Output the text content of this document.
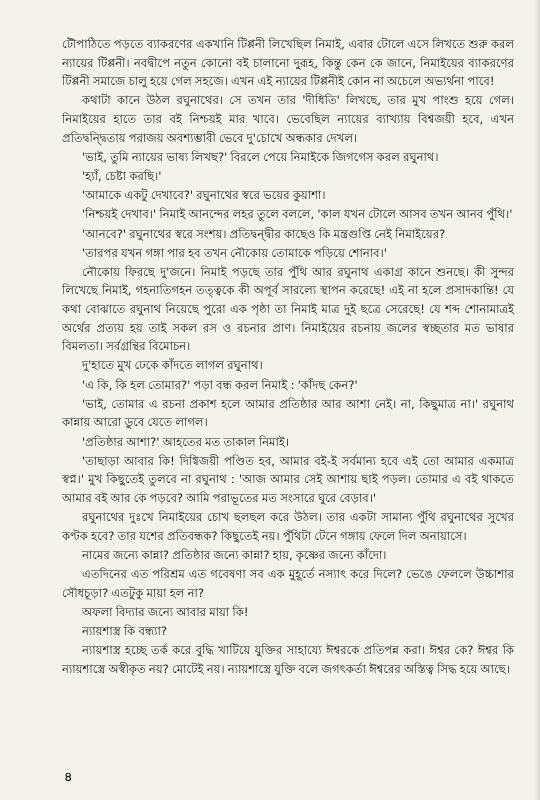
টৌপাঠিতে পড়তে ব্যাকরণের একখানি টিপ্পনী লিখেছিল নিমাই, এবার টোলে এসে লিখতে শুরু করল ন্যায়ের টিপ্পনী। নবদ্বীপে নতুন কোনো বই চালানো দুরূহ, কিন্তু কেন কে জানে, নিমাইয়ের ব্যাকরণের টিপ্পনী সমাজে চালু হয়ে গেল সহজে। এখন এই ন্যায়ের টিপ্পনীই কোন না অচেলে অভ্যর্থনা পাবে!

কথাটা কানে উঠল রঘুনাথের। সে তখন তার 'দীধিতি' লিখছে, তার মুখ পাংশু হয়ে গেল। নিমাইয়ের হাতে তার বই নিশ্চয়ই মার খাবে। ভেবেছিল ন্যায়ের ব্যাখ্যায় বিশ্বজয়ী হবে, এখন প্রতিদ্বন্দ্বিতায় পরাজয় অবশ্যম্ভাবী ভেবে দু'চোখে অন্ধকার দেখল।

'ভাই, তুমি ন্যায়ের ভাষ্য লিখছ?' বিরলে পেয়ে নিমাইকে জিগগেস করল রঘুনাথ।

'হ্যাঁ, চেষ্টা করছি।'

'আমাকে একটু দেখাবে?' রঘুনাথের স্বরে ভয়ের কুয়াশা।

'নিশ্চয়ই দেখাব।' নিমাই আনন্দের লহর তুলে বললে, 'কাল যখন টোলে আসব তখন আনব পুঁথি।'

'আনবে?' রঘুনাথের স্বরে সংশয়। প্রতিদ্বন্দ্বীর কাছেও কি মন্ত্রগুপ্তি নেই নিমাইয়ের?

'তারপর যখন গঙ্গা পার হব তখন নৌকোয় তোমাকে পড়িয়ে শোনাব।'

নৌকোয় ফিরছে দু'জনে। নিমাই পড়ছে তার পুঁথি আর রঘুনাথ একাগ্র কানে শুনছে। কী সুন্দর লিখেছে নিমাই, গহনাতিগহন তত্ত্বকে কী অপূর্ব সারল্যে স্থাপন করেছে! এই না হলে প্রসাদকান্তি! যে কথা বোঝাতে রঘুনাথ নিয়েছে পুরো এক পৃষ্ঠা তা নিমাই মাত্র দুই ছত্রে সেরেছে! যে শব্দ শোনামাত্রই অর্থের প্রত্যয় হয় তাই সকল রস ও রচনার প্রাণ। নিমাইয়ের রচনায় জলের স্বচ্ছতার মত ভাষার বিমলতা। সর্বগ্রন্থির বিমোচন।

দু'হাতে মুখ ঢেকে কাঁদতে লাগল রঘুনাথ।

'এ কি, কি হল তোমার?' পড়া বন্ধ করল নিমাই : 'কাঁদছ কেন?'

'ভাই, তোমার এ রচনা প্রকাশ হলে আমার প্রতিষ্ঠার আর আশা নেই। না, কিছুমাত্র না।' রঘুনাথ কান্নায় আরো ডুবে যেতে লাগল।

'প্রতিষ্ঠার আশা?' আহতের মত তাকাল নিমাই।

'তাছাড়া আবার কি! দিগ্বিজয়ী পণ্ডিত হব, আমার বই-ই সর্বমান্য হবে এই তো আমার একমাত্র স্বপ্ন।' মুখ কিছুতেই তুলবে না রঘুনাথ : 'আজ আমার সেই আশায় ছাই পড়ল। তোমার এ বই থাকতে আমার বই আর কে পড়বে? আমি পরাভূতের মত সংসারে ঘুরে বেড়াব।'

রঘুনাথের দুঃখে নিমাইয়ের চোখ ছলছল করে উঠল। তার একটা সামান্য পুঁথি রঘুনাথের সুখের কণ্টক হবে? তার যশের প্রতিবন্ধক? কিছুতেই নয়। পুঁথিটা টেনে গঙ্গায় ফেলে দিল অনায়াসে।

নামের জন্যে কান্না? প্রতিষ্ঠার জন্যে কান্না? হায়, কৃষ্ণের জন্যে কাঁদো।

এতদিনের এত পরিশ্রম এত গবেষণা সব এক মুহূর্তে নস্যাৎ করে দিলে? ভেঙে ফেললে উচ্চাশার সৌধচূড়া? এতটুকু মায়া হল না?

অফলা বিদ্যার জন্যে আবার মায়া কি!

ন্যায়শাস্ত্র কি বন্ধ্যা?

ন্যায়শাস্ত্র হচ্ছে তর্ক করে বুদ্ধি খাটিয়ে যুক্তির সাহায্যে ঈশ্বরকে প্রতিপন্ন করা। ঈশ্বর কে? ঈশ্বর কি ন্যায়শাস্ত্রে অস্বীকৃত নয়? মোটেই নয়। ন্যায়শাস্ত্রে যুক্তি বলে জগৎকর্তা ঈশ্বরের অস্তিত্ব সিদ্ধ হয়ে আছে।

৪
